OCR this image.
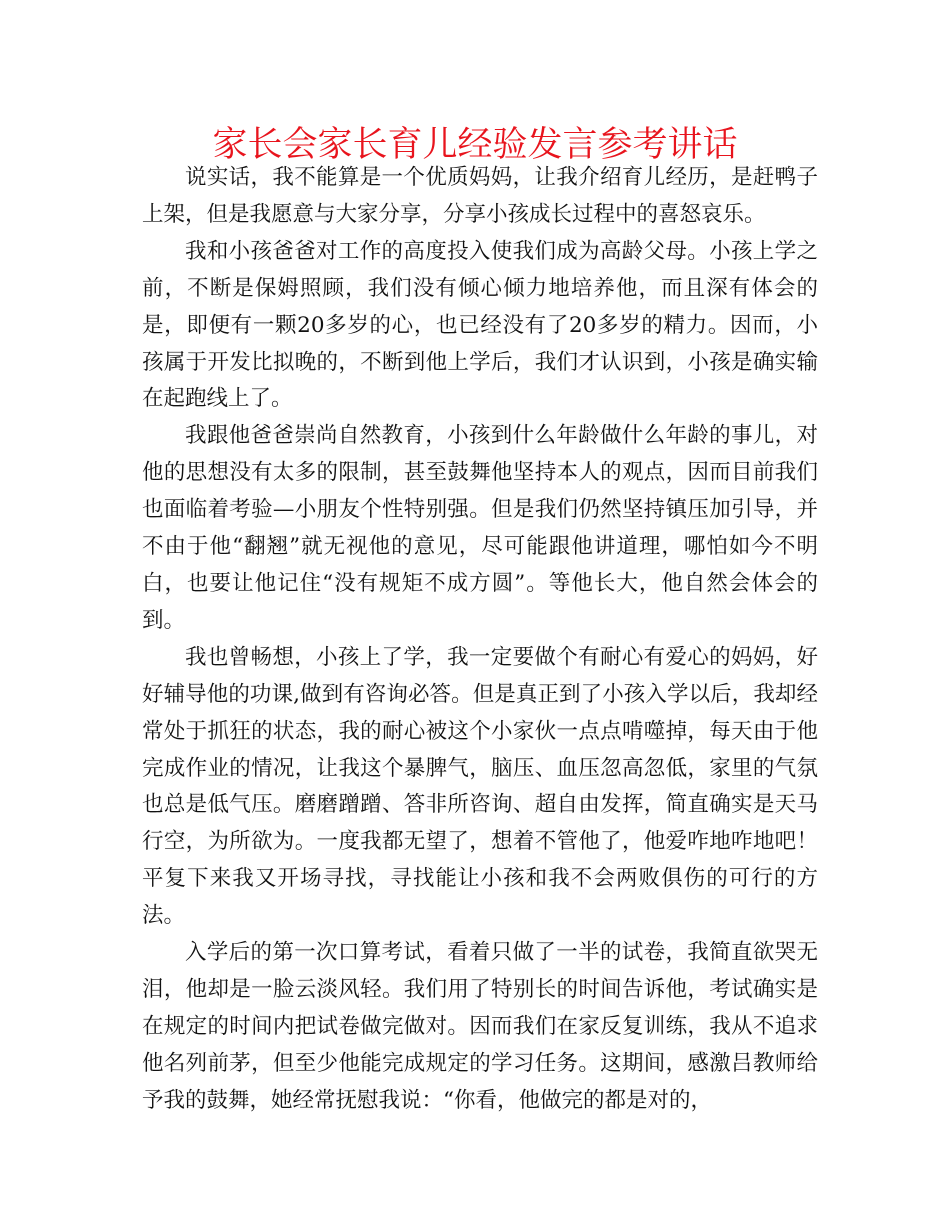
家长会家长育儿经验发言参考讲话

说实话，我不能算是一个优质妈妈，让我介绍育儿经历，是赶鸭子上架，但是我愿意与大家分享，分享小孩成长过程中的喜怒哀乐。

我和小孩爸爸对工作的高度投入使我们成为高龄父母。小孩上学之前，不断是保姆照顾，我们没有倾心倾力地培养他，而且深有体会的是，即便有一颗20多岁的心，也已经没有了20多岁的精力。因而，小孩属于开发比拟晚的，不断到他上学后，我们才认识到，小孩是确实输在起跑线上了。

我跟他爸爸崇尚自然教育，小孩到什么年龄做什么年龄的事儿，对他的思想没有太多的限制，甚至鼓舞他坚持本人的观点，因而目前我们也面临着考验—小朋友个性特别强。但是我们仍然坚持镇压加引导，并不由于他“翻翘”就无视他的意见，尽可能跟他讲道理，哪怕如今不明白，也要让他记住“没有规矩不成方圆”。等他长大，他自然会体会的到。

我也曾畅想，小孩上了学，我一定要做个有耐心有爱心的妈妈，好好辅导他的功课,做到有咨询必答。但是真正到了小孩入学以后，我却经常处于抓狂的状态，我的耐心被这个小家伙一点点啃噬掉，每天由于他完成作业的情况，让我这个暴脾气，脑压、血压忽高忽低，家里的气氛也总是低气压。磨磨蹭蹭、答非所咨询、超自由发挥，简直确实是天马行空，为所欲为。一度我都无望了，想着不管他了，他爱咋地咋地吧！平复下来我又开场寻找，寻找能让小孩和我不会两败俱伤的可行的方法。

入学后的第一次口算考试，看着只做了一半的试卷，我简直欲哭无泪，他却是一脸云淡风轻。我们用了特别长的时间告诉他，考试确实是在规定的时间内把试卷做完做对。因而我们在家反复训练，我从不追求他名列前茅，但至少他能完成规定的学习任务。这期间，感激吕教师给予我的鼓舞，她经常抚慰我说：“你看，他做完的都是对的，
